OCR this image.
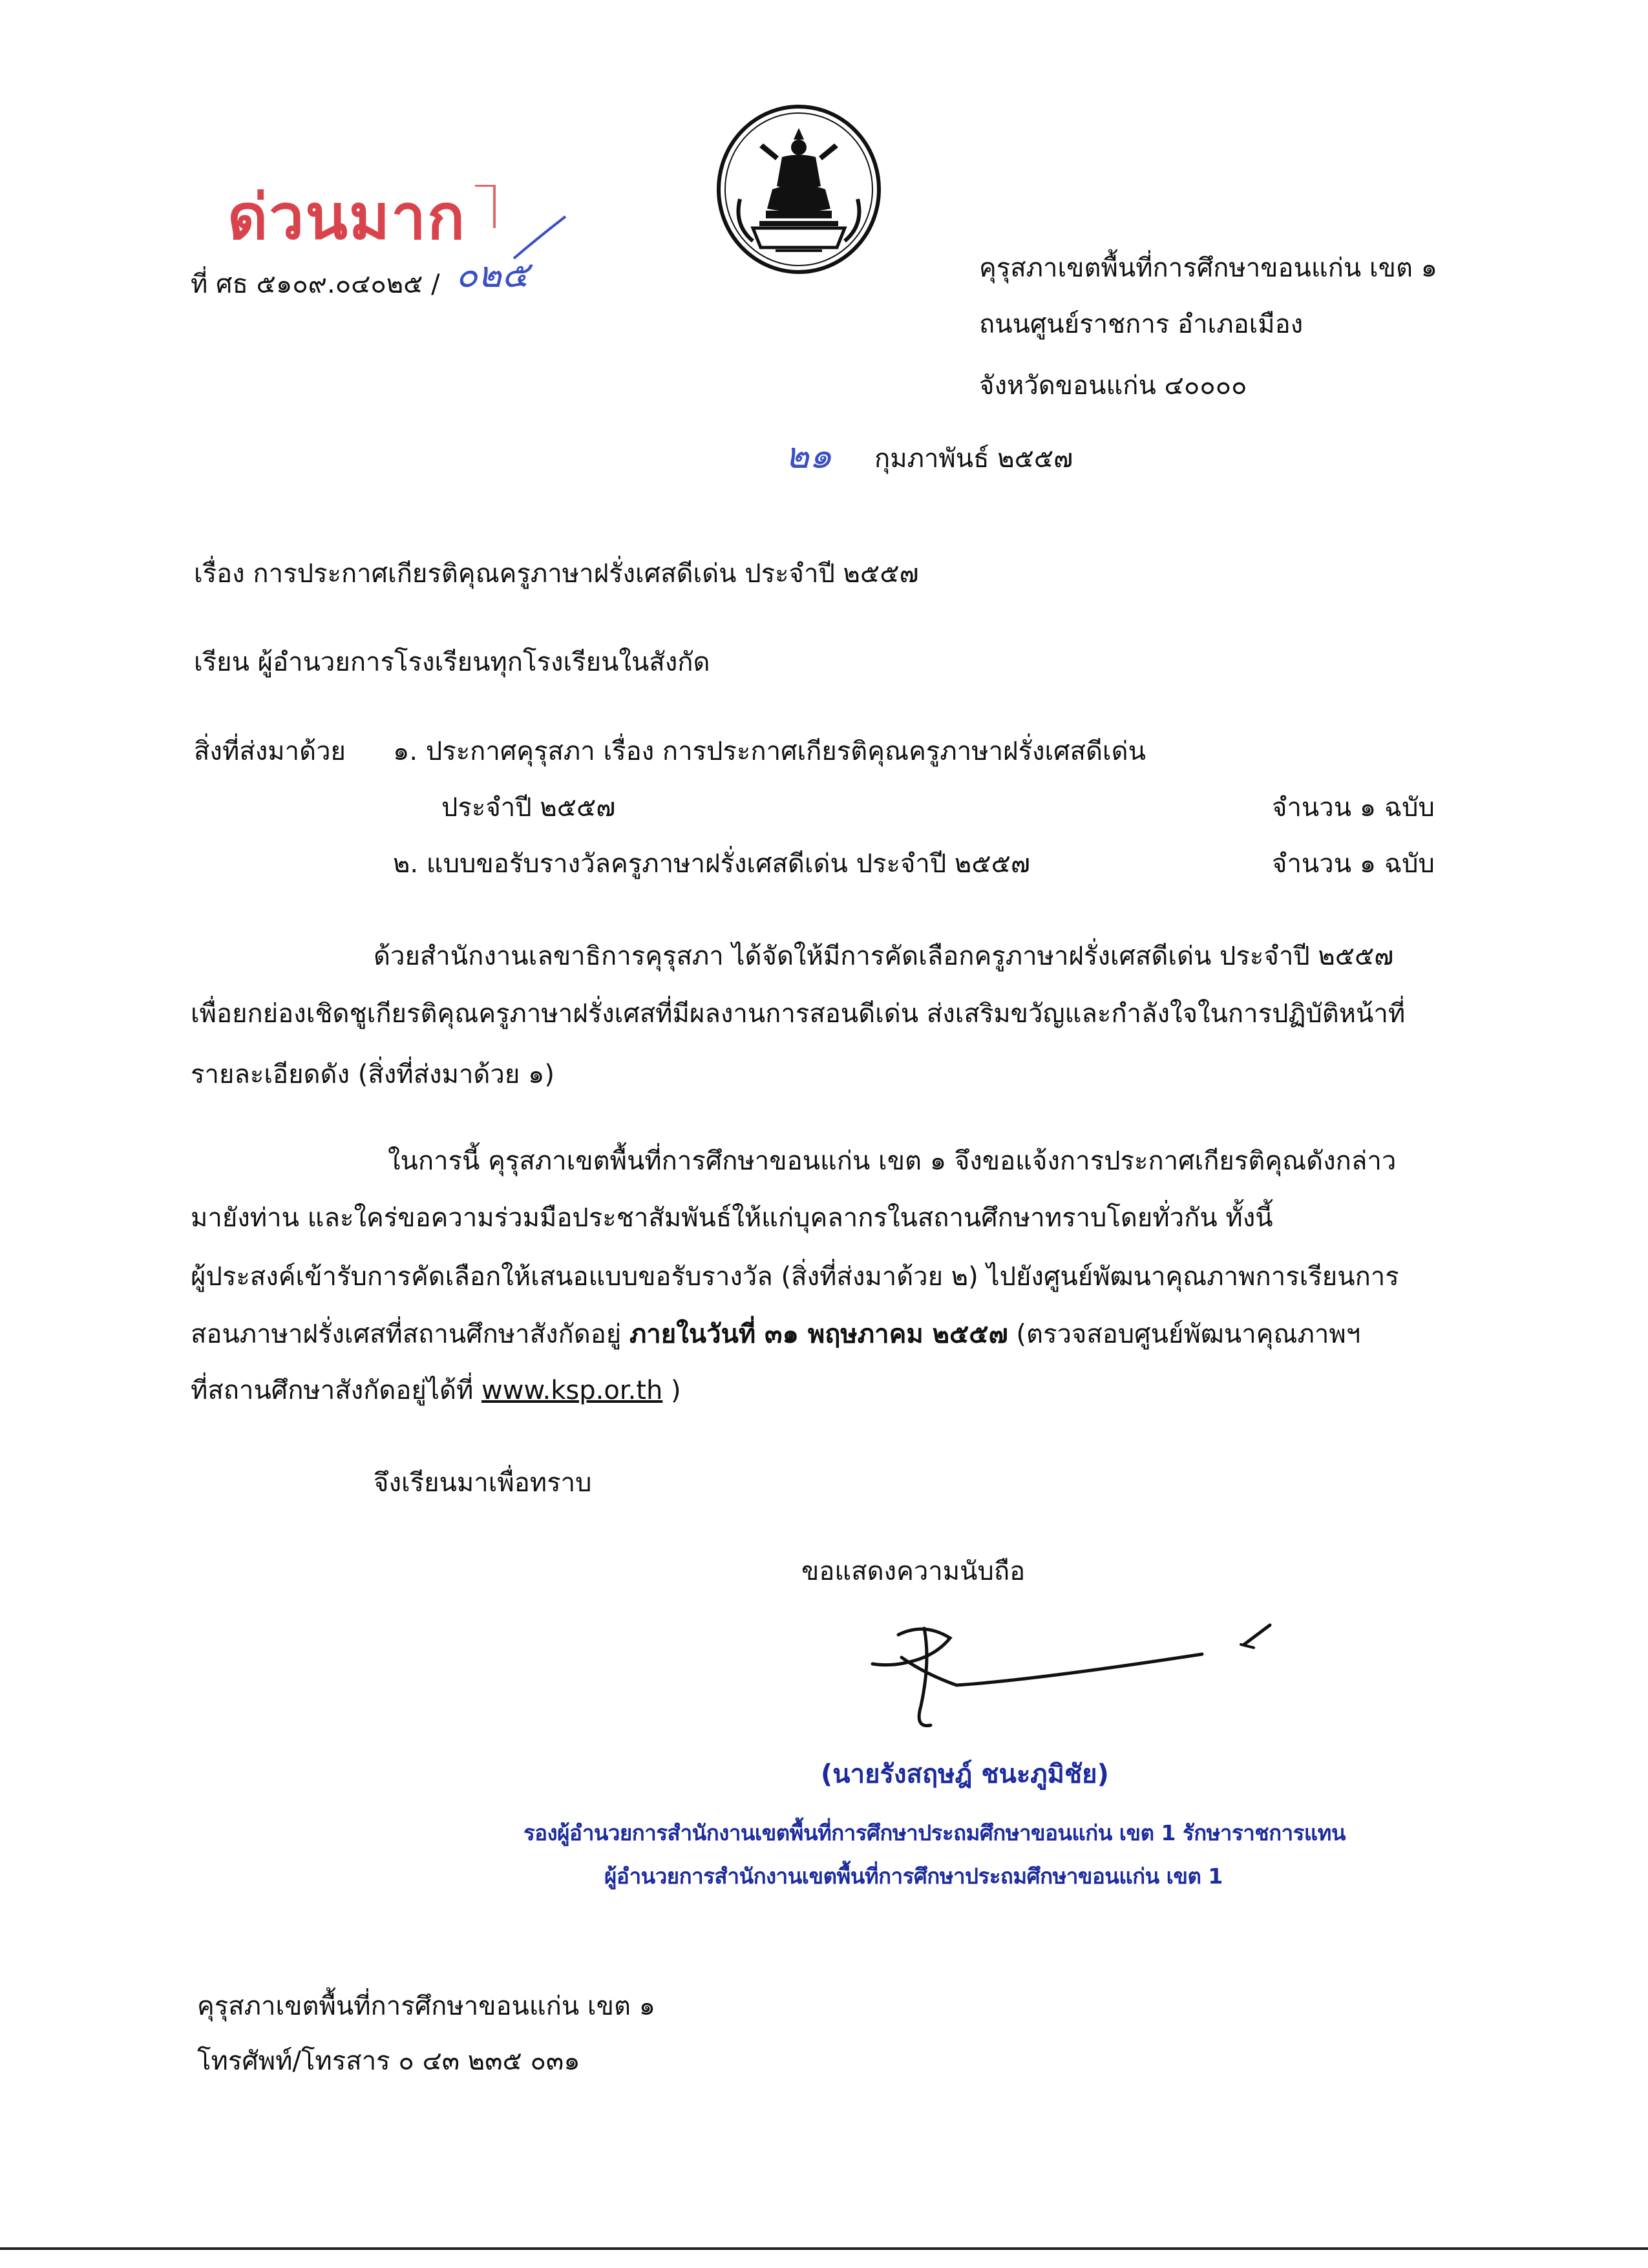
ด่วนมาก
ที่ ศธ ๕๑๐๙.๐๔๐๒๕ / ๐๒๕	คุรุสภาเขตพื้นที่การศึกษาขอนแก่น เขต ๑
ถนนศูนย์ราชการ อำเภอเมือง
จังหวัดขอนแก่น ๔๐๐๐๐
๒๑ กุมภาพันธ์ ๒๕๕๗
เรื่อง การประกาศเกียรติคุณครูภาษาฝรั่งเศสดีเด่น ประจำปี ๒๕๕๗
เรียน ผู้อำนวยการโรงเรียนทุกโรงเรียนในสังกัด
สิ่งที่ส่งมาด้วย ๑. ประกาศคุรุสภา เรื่อง การประกาศเกียรติคุณครูภาษาฝรั่งเศสดีเด่น
ประจำปี ๒๕๕๗	จำนวน ๑ ฉบับ
๒. แบบขอรับรางวัลครูภาษาฝรั่งเศสดีเด่น ประจำปี ๒๕๕๗	จำนวน ๑ ฉบับ
ด้วยสำนักงานเลขาธิการคุรุสภา ได้จัดให้มีการคัดเลือกครูภาษาฝรั่งเศสดีเด่น ประจำปี ๒๕๕๗
เพื่อยกย่องเชิดชูเกียรติคุณครูภาษาฝรั่งเศสที่มีผลงานการสอนดีเด่น ส่งเสริมขวัญและกำลังใจในการปฏิบัติหน้าที่
รายละเอียดดัง (สิ่งที่ส่งมาด้วย ๑)
ในการนี้ คุรุสภาเขตพื้นที่การศึกษาขอนแก่น เขต ๑ จึงขอแจ้งการประกาศเกียรติคุณดังกล่าว
มายังท่าน และใคร่ขอความร่วมมือประชาสัมพันธ์ให้แก่บุคลากรในสถานศึกษาทราบโดยทั่วกัน ทั้งนี้
ผู้ประสงค์เข้ารับการคัดเลือกให้เสนอแบบขอรับรางวัล (สิ่งที่ส่งมาด้วย ๒) ไปยังศูนย์พัฒนาคุณภาพการเรียนการ
สอนภาษาฝรั่งเศสที่สถานศึกษาสังกัดอยู่ ภายในวันที่ ๓๑ พฤษภาคม ๒๕๕๗ (ตรวจสอบศูนย์พัฒนาคุณภาพฯ
ที่สถานศึกษาสังกัดอยู่ได้ที่ www.ksp.or.th )
จึงเรียนมาเพื่อทราบ
ขอแสดงความนับถือ
(นายรังสฤษฎ์ ชนะภูมิชัย)
รองผู้อำนวยการสำนักงานเขตพื้นที่การศึกษาประถมศึกษาขอนแก่น เขต 1 รักษาราชการแทน
ผู้อำนวยการสำนักงานเขตพื้นที่การศึกษาประถมศึกษาขอนแก่น เขต 1
คุรุสภาเขตพื้นที่การศึกษาขอนแก่น เขต ๑
โทรศัพท์/โทรสาร ๐ ๔๓ ๒๓๕ ๐๓๑
